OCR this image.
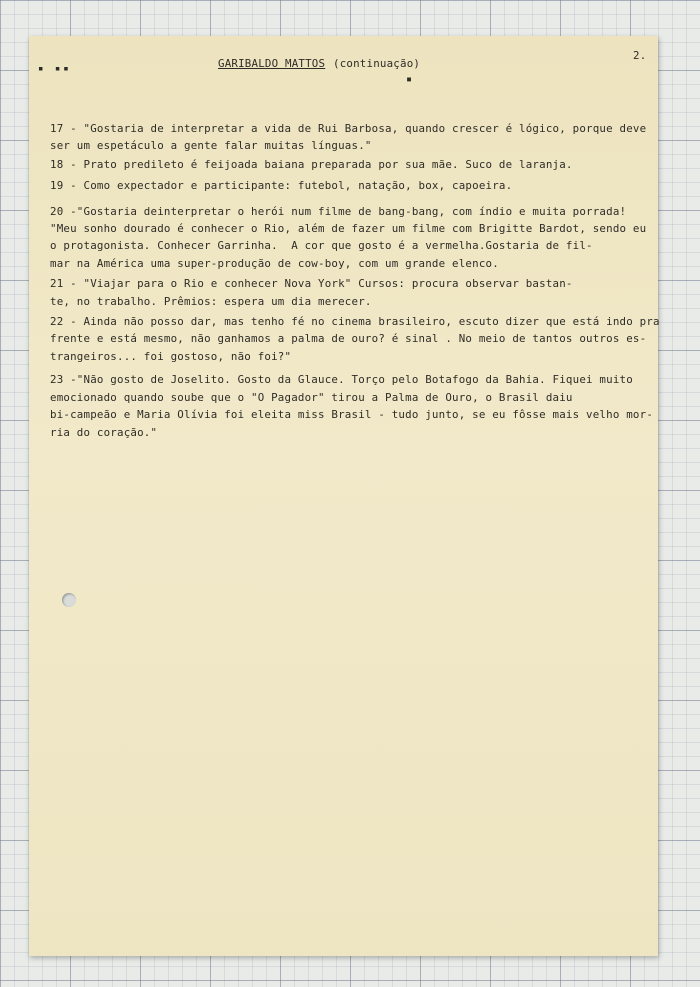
▪ ▪▪	GARIBALDO MATTOS (continuação)
▪
2.
17 - "Gostaria de interpretar a vida de Rui Barbosa, quando crescer é lógico, porque deve
ser um espetáculo a gente falar muitas línguas."
18 - Prato predileto é feijoada baiana preparada por sua mãe. Suco de laranja.
19 - Como expectador e participante: futebol, natação, box, capoeira.
20 -"Gostaria deinterpretar o herói num filme de bang-bang, com índio e muita porrada!
"Meu sonho dourado é conhecer o Rio, além de fazer um filme com Brigitte Bardot, sendo eu
o protagonista. Conhecer Garrinha.  A cor que gosto é a vermelha.Gostaria de fil-
mar na América uma super-produção de cow-boy, com um grande elenco.
21 - "Viajar para o Rio e conhecer Nova York" Cursos: procura observar bastan-
te, no trabalho. Prêmios: espera um dia merecer.
22 - Ainda não posso dar, mas tenho fé no cinema brasileiro, escuto dizer que está indo pra
frente e está mesmo, não ganhamos a palma de ouro? é sinal . No meio de tantos outros es-
trangeiros... foi gostoso, não foi?"
23 -"Não gosto de Joselito. Gosto da Glauce. Torço pelo Botafogo da Bahia. Fiquei muito
emocionado quando soube que o "O Pagador" tirou a Palma de Ouro, o Brasil daiu
bi-campeão e Maria Olívia foi eleita miss Brasil - tudo junto, se eu fôsse mais velho mor-
ria do coração."
